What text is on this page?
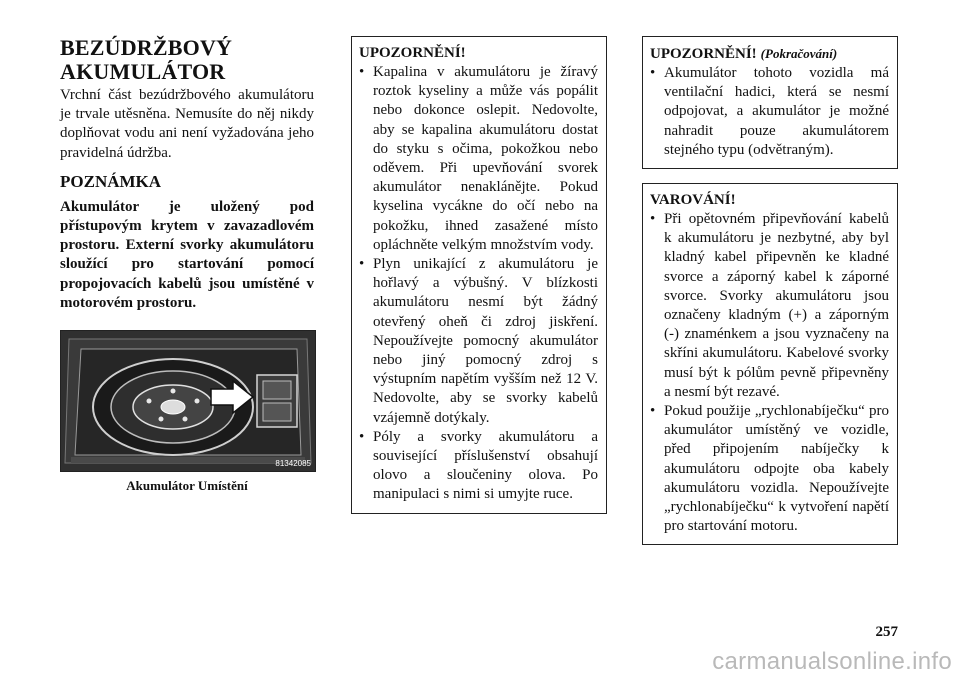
BEZÚDRŽBOVÝ
AKUMULÁTOR

Vrchní část bezúdržbového akumulátoru je trvale utěsněna. Nemusíte do něj nikdy doplňovat vodu ani není vyžadována jeho pravidelná údržba.

POZNÁMKA

Akumulátor je uložený pod přístupovým krytem v zavazadlovém prostoru. Externí svorky akumulátoru sloužící pro startování pomocí propojovacích kabelů jsou umístěné v motorovém prostoru.

81342085
Akumulátor Umístění
UPOZORNĚNÍ!
• Kapalina v akumulátoru je žíravý roztok kyseliny a může vás popálit nebo dokonce oslepit. Nedovolte, aby se kapalina akumulátoru dostat do styku s očima, pokožkou nebo oděvem. Při upevňování svorek akumulátor nenaklánějte. Pokud kyselina vycákne do očí nebo na pokožku, ihned zasažené místo opláchněte velkým množstvím vody.
• Plyn unikající z akumulátoru je hořlavý a výbušný. V blízkosti akumulátoru nesmí být žádný otevřený oheň či zdroj jiskření. Nepoužívejte pomocný akumulátor nebo jiný pomocný zdroj s výstupním napětím vyšším než 12 V. Nedovolte, aby se svorky kabelů vzájemně dotýkaly.
• Póly a svorky akumulátoru a související příslušenství obsahují olovo a sloučeniny olova. Po manipulaci s nimi si umyjte ruce.
UPOZORNĚNÍ! (Pokračování)
• Akumulátor tohoto vozidla má ventilační hadici, která se nesmí odpojovat, a akumulátor je možné nahradit pouze akumulátorem stejného typu (odvětraným).
VAROVÁNÍ!
• Při opětovném připevňování kabelů k akumulátoru je nezbytné, aby byl kladný kabel připevněn ke kladné svorce a záporný kabel k záporné svorce. Svorky akumulátoru jsou označeny kladným (+) a záporným (-) znaménkem a jsou vyznačeny na skříni akumulátoru. Kabelové svorky musí být k pólům pevně připevněny a nesmí být rezavé.
• Pokud použije „rychlonabíječku“ pro akumulátor umístěný ve vozidle, před připojením nabíječky k akumulátoru odpojte oba kabely akumulátoru vozidla. Nepoužívejte „rychlonabíječku“ k vytvoření napětí pro startování motoru.
257
carmanualsonline.info
